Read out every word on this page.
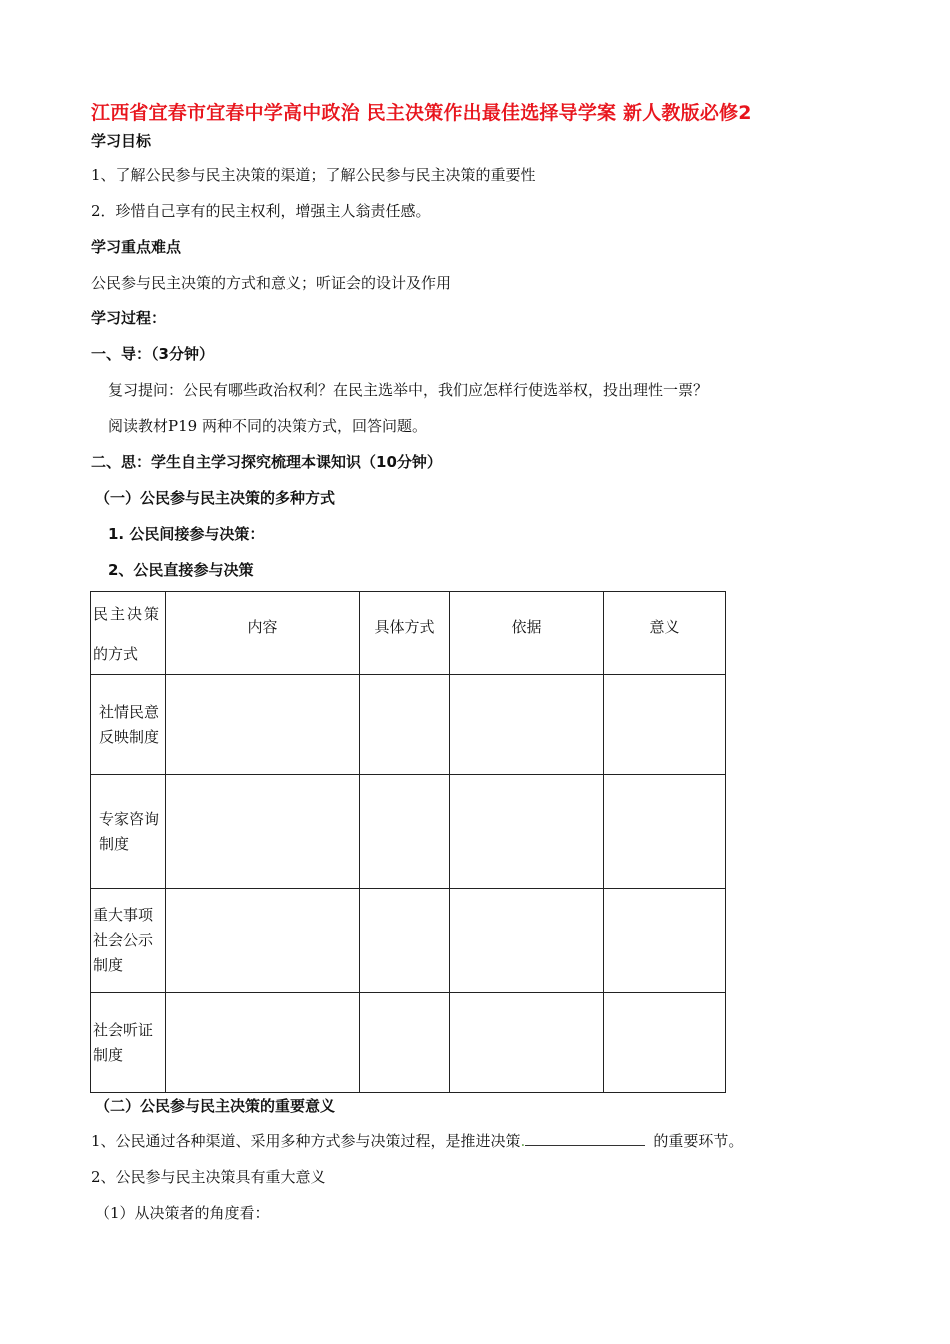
江西省宜春市宜春中学高中政治 民主决策作出最佳选择导学案 新人教版必修2
学习目标
1、了解公民参与民主决策的渠道；了解公民参与民主决策的重要性
2．珍惜自己享有的民主权利，增强主人翁责任感。
学习重点难点
公民参与民主决策的方式和意义；听证会的设计及作用
学习过程：
一、导：（3分钟）
复习提问：公民有哪些政治权利？在民主选举中，我们应怎样行使选举权，投出理性一票？
阅读教材P19 两种不同的决策方式，回答问题。
二、思：学生自主学习探究梳理本课知识（10分钟）
（一）公民参与民主决策的多种方式
1. 公民间接参与决策：
2、公民直接参与决策
民主决策
的方式	内容	具体方式	依据	意义

社情民意
反映制度				

专家咨询
制度				

重大事项
社会公示
制度				

社会听证
制度				

（二）公民参与民主决策的重要意义
1、公民通过各种渠道、采用多种方式参与决策过程，是推进决策.	的重要环节。
2、公民参与民主决策具有重大意义
（1）从决策者的角度看：
